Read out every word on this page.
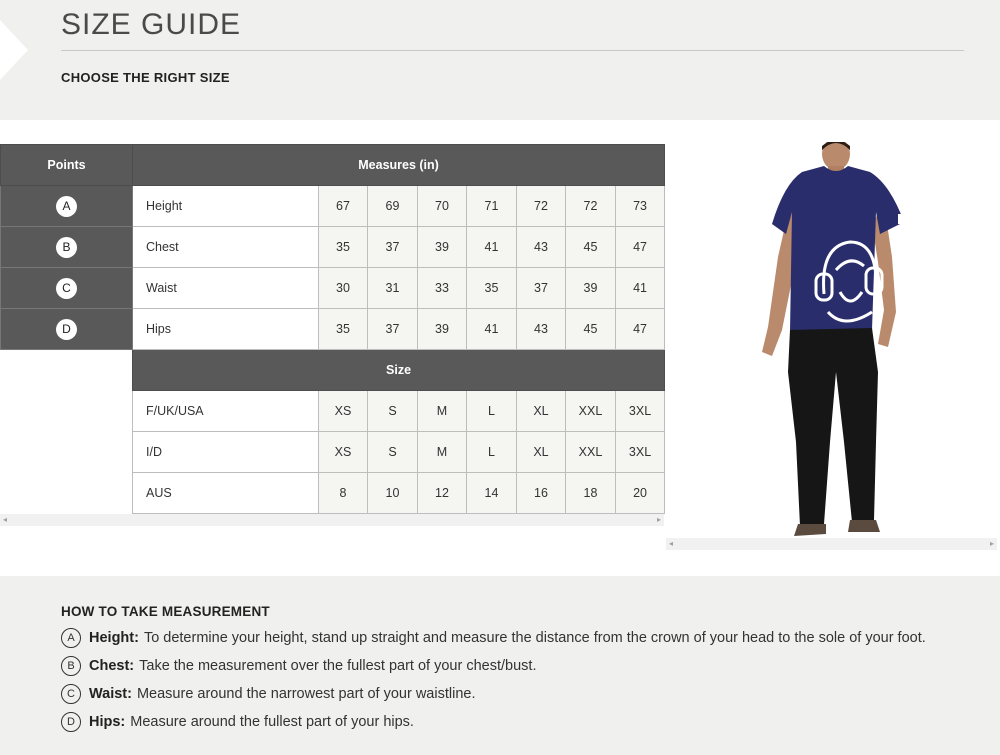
SIZE GUIDE
CHOOSE THE RIGHT SIZE
Points	Measures (in)							
A	Height	67	69	70	71	72	72	73
B	Chest	35	37	39	41	43	45	47
C	Waist	30	31	33	35	37	39	41
D	Hips	35	37	39	41	43	45	47
	Size							
	F/UK/USA	XS	S	M	L	XL	XXL	3XL
	I/D	XS	S	M	L	XL	XXL	3XL
	AUS	8	10	12	14	16	18	20
◂	▸
◂	▸
HOW TO TAKE MEASUREMENT
A Height: To determine your height, stand up straight and measure the distance from the crown of your head to the sole of your foot.
B Chest: Take the measurement over the fullest part of your chest/bust.
C Waist: Measure around the narrowest part of your waistline.
D Hips: Measure around the fullest part of your hips.
